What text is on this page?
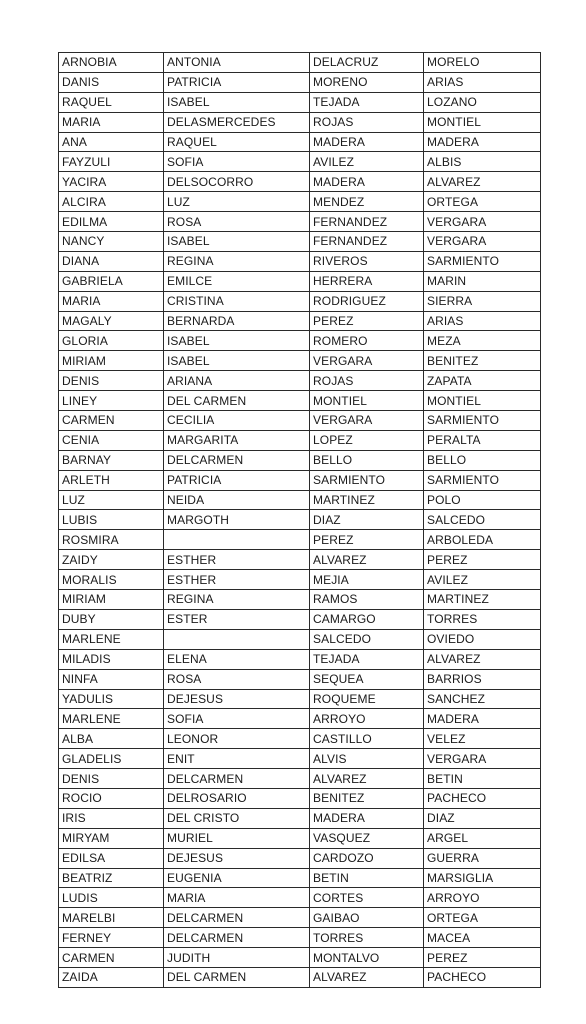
ARNOBIA	ANTONIA	DELACRUZ	MORELO
DANIS	PATRICIA	MORENO	ARIAS
RAQUEL	ISABEL	TEJADA	LOZANO
MARIA	DELASMERCEDES	ROJAS	MONTIEL
ANA	RAQUEL	MADERA	MADERA
FAYZULI	SOFIA	AVILEZ	ALBIS
YACIRA	DELSOCORRO	MADERA	ALVAREZ
ALCIRA	LUZ	MENDEZ	ORTEGA
EDILMA	ROSA	FERNANDEZ	VERGARA
NANCY	ISABEL	FERNANDEZ	VERGARA
DIANA	REGINA	RIVEROS	SARMIENTO
GABRIELA	EMILCE	HERRERA	MARIN
MARIA	CRISTINA	RODRIGUEZ	SIERRA
MAGALY	BERNARDA	PEREZ	ARIAS
GLORIA	ISABEL	ROMERO	MEZA
MIRIAM	ISABEL	VERGARA	BENITEZ
DENIS	ARIANA	ROJAS	ZAPATA
LINEY	DEL CARMEN	MONTIEL	MONTIEL
CARMEN	CECILIA	VERGARA	SARMIENTO
CENIA	MARGARITA	LOPEZ	PERALTA
BARNAY	DELCARMEN	BELLO	BELLO
ARLETH	PATRICIA	SARMIENTO	SARMIENTO
LUZ	NEIDA	MARTINEZ	POLO
LUBIS	MARGOTH	DIAZ	SALCEDO
ROSMIRA		PEREZ	ARBOLEDA
ZAIDY	ESTHER	ALVAREZ	PEREZ
MORALIS	ESTHER	MEJIA	AVILEZ
MIRIAM	REGINA	RAMOS	MARTINEZ
DUBY	ESTER	CAMARGO	TORRES
MARLENE		SALCEDO	OVIEDO
MILADIS	ELENA	TEJADA	ALVAREZ
NINFA	ROSA	SEQUEA	BARRIOS
YADULIS	DEJESUS	ROQUEME	SANCHEZ
MARLENE	SOFIA	ARROYO	MADERA
ALBA	LEONOR	CASTILLO	VELEZ
GLADELIS	ENIT	ALVIS	VERGARA
DENIS	DELCARMEN	ALVAREZ	BETIN
ROCIO	DELROSARIO	BENITEZ	PACHECO
IRIS	DEL CRISTO	MADERA	DIAZ
MIRYAM	MURIEL	VASQUEZ	ARGEL
EDILSA	DEJESUS	CARDOZO	GUERRA
BEATRIZ	EUGENIA	BETIN	MARSIGLIA
LUDIS	MARIA	CORTES	ARROYO
MARELBI	DELCARMEN	GAIBAO	ORTEGA
FERNEY	DELCARMEN	TORRES	MACEA
CARMEN	JUDITH	MONTALVO	PEREZ
ZAIDA	DEL CARMEN	ALVAREZ	PACHECO
